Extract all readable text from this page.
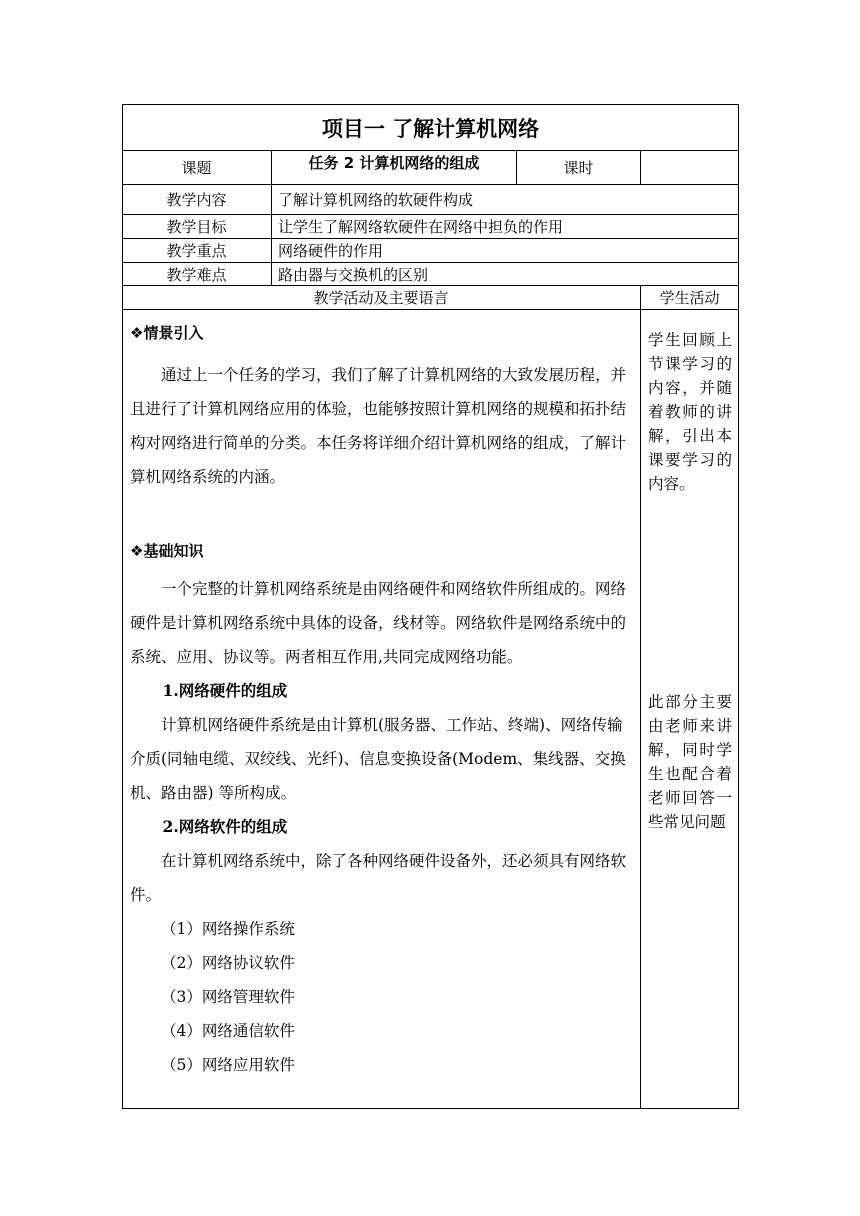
项目一 了解计算机网络
课题	任务 2 计算机网络的组成	课时
教学内容	了解计算机网络的软硬件构成
教学目标	让学生了解网络软硬件在网络中担负的作用
教学重点	网络硬件的作用
教学难点	路由器与交换机的区别
教学活动及主要语言	学生活动

❖情景引入

通过上一个任务的学习，我们了解了计算机网络的大致发展历程，并且进行了计算机网络应用的体验，也能够按照计算机网络的规模和拓扑结构对网络进行简单的分类。本任务将详细介绍计算机网络的组成，了解计算机网络系统的内涵。

❖基础知识

一个完整的计算机网络系统是由网络硬件和网络软件所组成的。网络硬件是计算机网络系统中具体的设备，线材等。网络软件是网络系统中的系统、应用、协议等。两者相互作用,共同完成网络功能。

1.网络硬件的组成

计算机网络硬件系统是由计算机(服务器、工作站、终端)、网络传输介质(同轴电缆、双绞线、光纤)、信息变换设备(Modem、集线器、交换机、路由器) 等所构成。

2.网络软件的组成

在计算机网络系统中，除了各种网络硬件设备外，还必须具有网络软件。

（1）网络操作系统

（2）网络协议软件

（3）网络管理软件

（4）网络通信软件

（5）网络应用软件

学生回顾上节课学习的内容，并随着教师的讲解，引出本课要学习的内容。
此部分主要由老师来讲解，同时学生也配合着老师回答一些常见问题
